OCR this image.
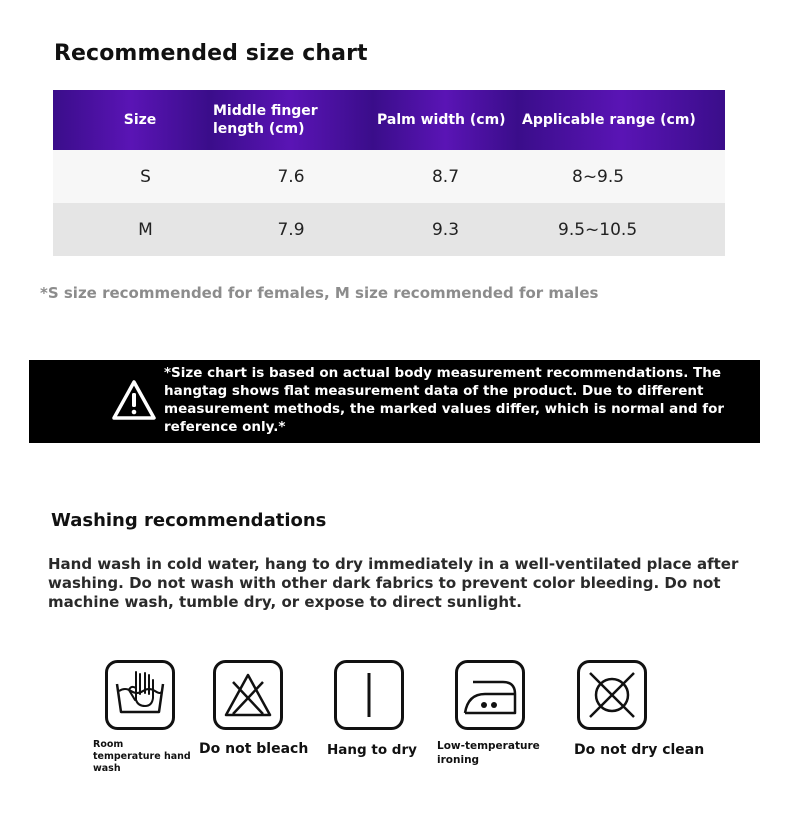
Recommended size chart
Size	Middle finger length (cm)	Palm width (cm)	Applicable range (cm)
S	7.6	8.7	8~9.5
M	7.9	9.3	9.5~10.5
*S size recommended for females, M size recommended for males
*Size chart is based on actual body measurement recommendations. The hangtag shows flat measurement data of the product. Due to different measurement methods, the marked values differ, which is normal and for reference only.*
Washing recommendations
Hand wash in cold water, hang to dry immediately in a well-ventilated place after washing. Do not wash with other dark fabrics to prevent color bleeding. Do not machine wash, tumble dry, or expose to direct sunlight.
Room temperature hand wash
Do not bleach Hang to dry Low-temperature ironing
Do not dry clean
